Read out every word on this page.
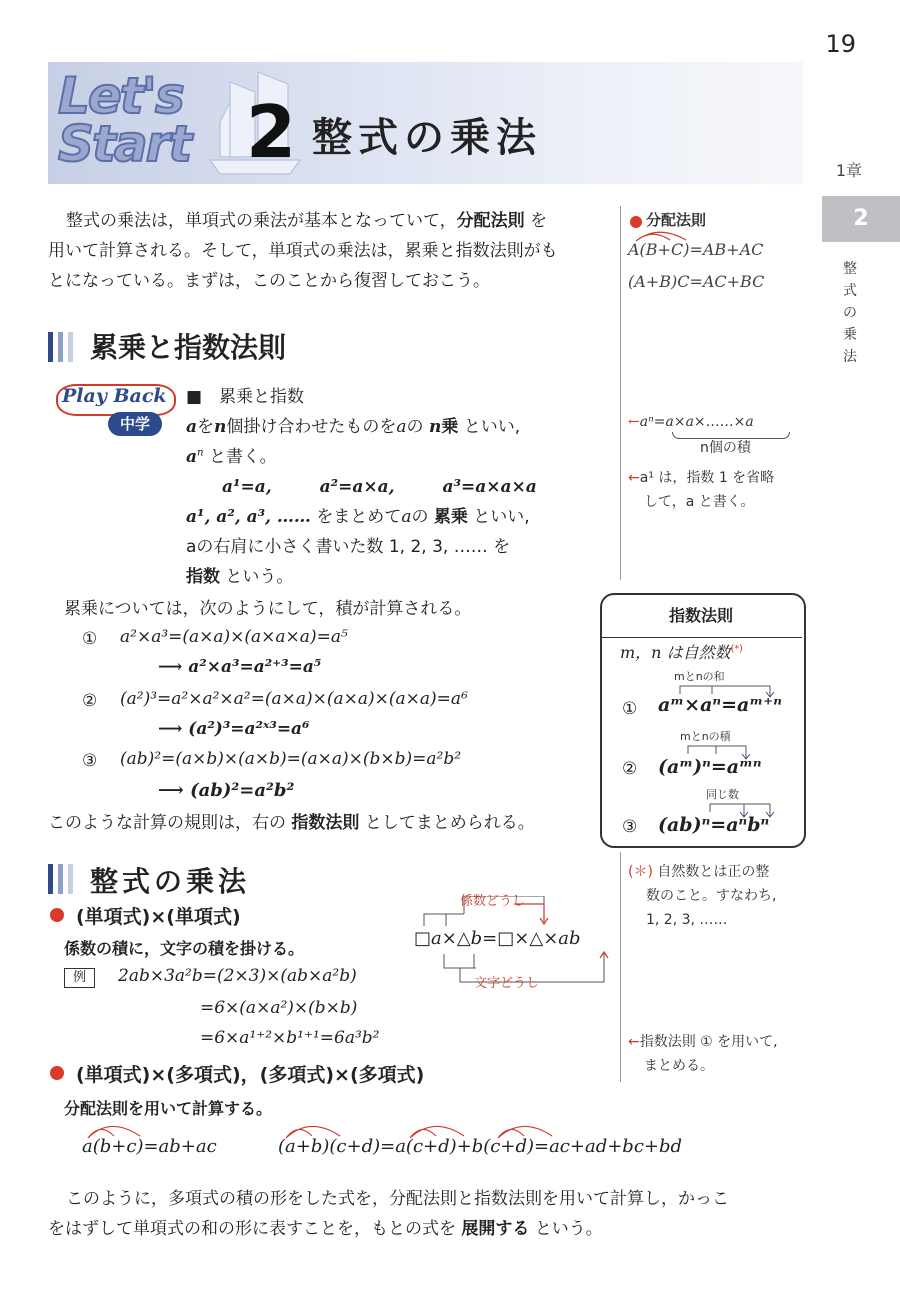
19
1章
2
整
式
の
乗
法
Let's
Start 2 整式の乗法
整式の乗法は，単項式の乗法が基本となっていて，分配法則 を
用いて計算される。そして，単項式の乗法は，累乗と指数法則がも
とになっている。まずは，このことから復習しておこう。
分配法則
A(B+C)=AB+AC
(A+B)C=AC+BC
累乗と指数法則
Play Back
中学
■　累乗と指数
aをn個掛け合わせたものをaの n乗 といい,
$a^n$ と書く。
a¹=a,	a²=a×a,	a³=a×a×a
a¹, a², a³, …… をまとめてaの 累乗 といい,
aの右肩に小さく書いた数 1, 2, 3, …… を
指数 という。
←aⁿ=a×a×……×a
n個の積
←a¹ は，指数 1 を省略
して，a と書く。
累乗については，次のようにして，積が計算される。
① a²×a³=(a×a)×(a×a×a)=a⁵
⟶ a²×a³=a²⁺³=a⁵
② (a²)³=a²×a²×a²=(a×a)×(a×a)×(a×a)=a⁶
⟶ (a²)³=a²ˣ³=a⁶
③ (ab)²=(a×b)×(a×b)=(a×a)×(b×b)=a²b²
⟶ (ab)²=a²b²
このような計算の規則は，右の 指数法則 としてまとめられる。
指数法則
m，n は自然数(*)
mとnの和
① aᵐ×aⁿ=aᵐ⁺ⁿ
mとnの積
② (aᵐ)ⁿ=aᵐⁿ
同じ数
③ (ab)ⁿ=aⁿbⁿ
整式の乗法	(＊) 自然数とは正の整
数のこと。すなわち,
1, 2, 3, ……
(単項式)×(単項式)
係数の積に，文字の積を掛ける。
係数どうし
□a×△b=□×△×ab
文字どうし
例	2ab×3a²b=(2×3)×(ab×a²b)
=6×(a×a²)×(b×b)
=6×a¹⁺²×b¹⁺¹=6a³b²	←指数法則 ① を用いて,
まとめる。
(単項式)×(多項式)，(多項式)×(多項式)
分配法則を用いて計算する。
a(b+c)=ab+ac	(a+b)(c+d)=a(c+d)+b(c+d)=ac+ad+bc+bd
このように，多項式の積の形をした式を，分配法則と指数法則を用いて計算し，かっこ
をはずして単項式の和の形に表すことを，もとの式を 展開する という。
